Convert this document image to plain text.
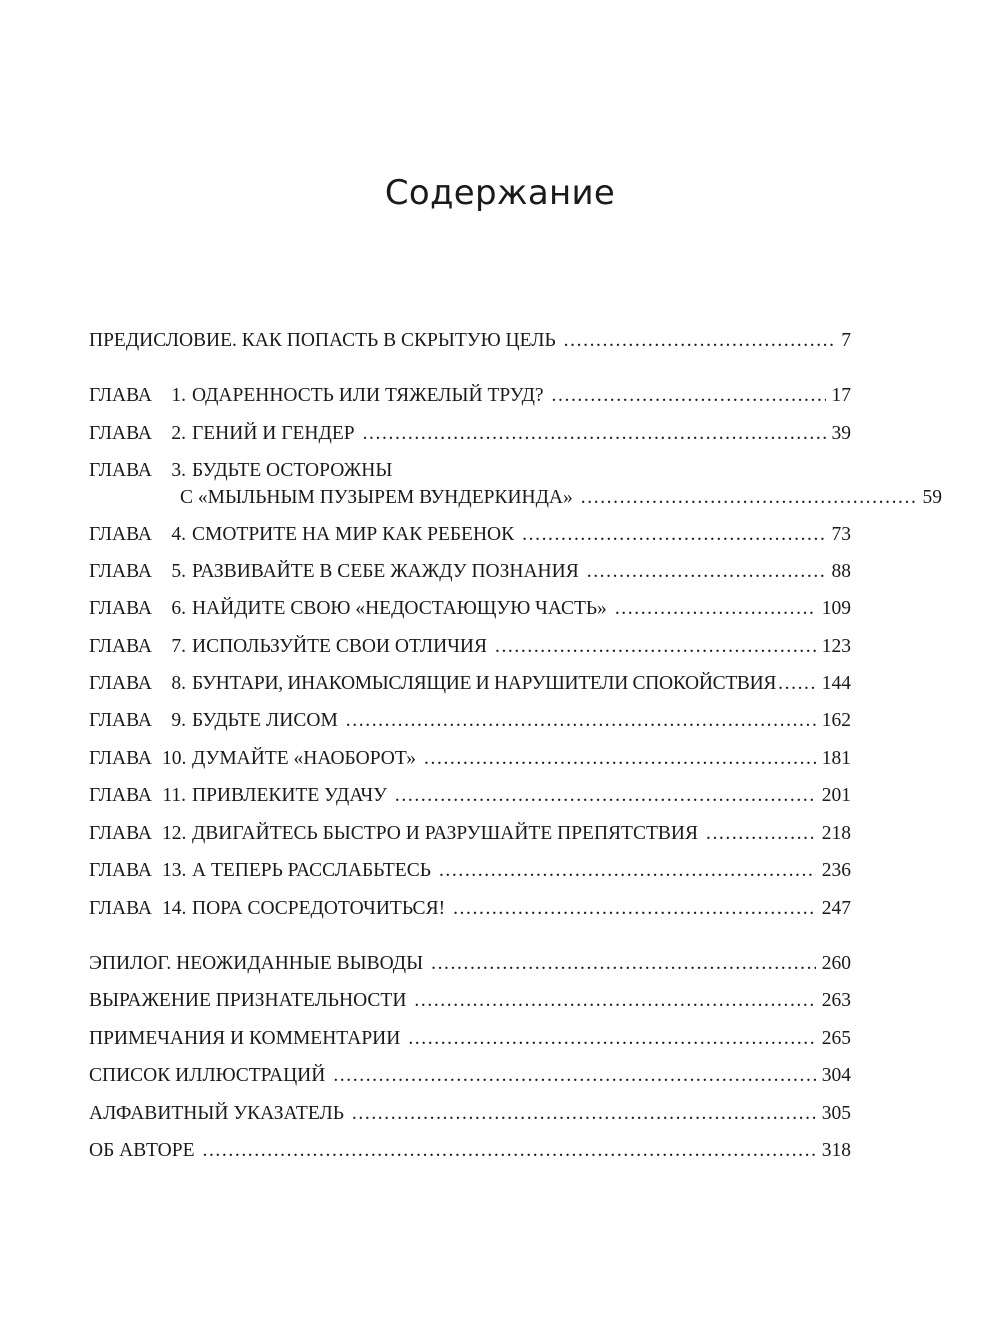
Содержание
ПРЕДИСЛОВИЕ. КАК ПОПАСТЬ В СКРЫТУЮ ЦЕЛЬ .....	7
ГЛАВА 1. ОДАРЕННОСТЬ ИЛИ ТЯЖЕЛЫЙ ТРУД? .....	17
ГЛАВА 2. ГЕНИЙ И ГЕНДЕР .....	39
ГЛАВА 3. БУДЬТЕ ОСТОРОЖНЫ
С «МЫЛЬНЫМ ПУЗЫРЕМ ВУНДЕРКИНДА» .....	59
ГЛАВА 4. СМОТРИТЕ НА МИР КАК РЕБЕНОК .....	73
ГЛАВА 5. РАЗВИВАЙТЕ В СЕБЕ ЖАЖДУ ПОЗНАНИЯ .....	88
ГЛАВА 6. НАЙДИТЕ СВОЮ «НЕДОСТАЮЩУЮ ЧАСТЬ» .....	109
ГЛАВА 7. ИСПОЛЬЗУЙТЕ СВОИ ОТЛИЧИЯ .....	123
ГЛАВА 8. БУНТАРИ, ИНАКОМЫСЛЯЩИЕ И НАРУШИТЕЛИ СПОКОЙСТВИЯ ..... 144
ГЛАВА 9. БУДЬТЕ ЛИСОМ .....	162
ГЛАВА 10. ДУМАЙТЕ «НАОБОРОТ» .....	181
ГЛАВА 11. ПРИВЛЕКИТЕ УДАЧУ .....	201
ГЛАВА 12. ДВИГАЙТЕСЬ БЫСТРО И РАЗРУШАЙТЕ ПРЕПЯТСТВИЯ .....	218
ГЛАВА 13. А ТЕПЕРЬ РАССЛАБЬТЕСЬ .....	236
ГЛАВА 14. ПОРА СОСРЕДОТОЧИТЬСЯ! .....	247
ЭПИЛОГ. НЕОЖИДАННЫЕ ВЫВОДЫ .....	260
ВЫРАЖЕНИЕ ПРИЗНАТЕЛЬНОСТИ .....	263
ПРИМЕЧАНИЯ И КОММЕНТАРИИ .....	265
СПИСОК ИЛЛЮСТРАЦИЙ .....	304
АЛФАВИТНЫЙ УКАЗАТЕЛЬ .....	305
ОБ АВТОРЕ .....	318
